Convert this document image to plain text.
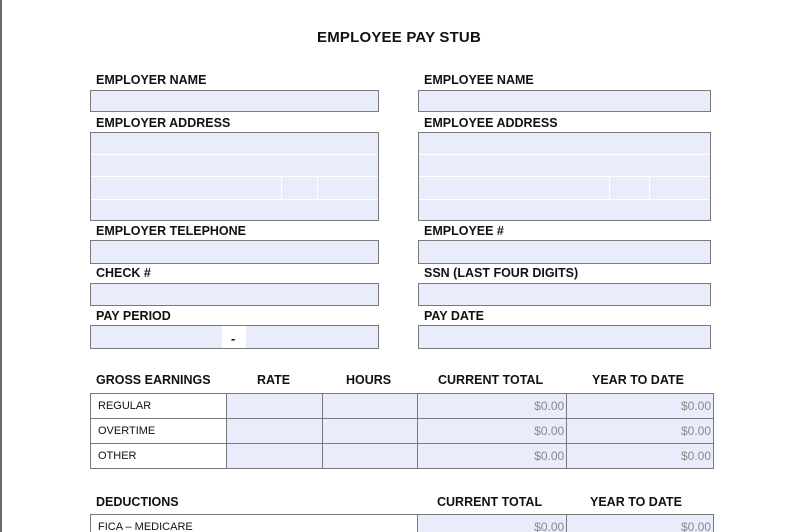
EMPLOYEE PAY STUB
EMPLOYER NAME
EMPLOYER ADDRESS
EMPLOYER TELEPHONE
CHECK #
PAY PERIOD
-
EMPLOYEE NAME
EMPLOYEE ADDRESS
EMPLOYEE #
SSN (LAST FOUR DIGITS)
PAY DATE
GROSS EARNINGS	RATE	HOURS	CURRENT TOTAL	YEAR TO DATE
REGULAR			$0.00	$0.00
OVERTIME			$0.00	$0.00
OTHER			$0.00	$0.00
DEDUCTIONS	CURRENT TOTAL	YEAR TO DATE
FICA – MEDICARE	$0.00	$0.00
